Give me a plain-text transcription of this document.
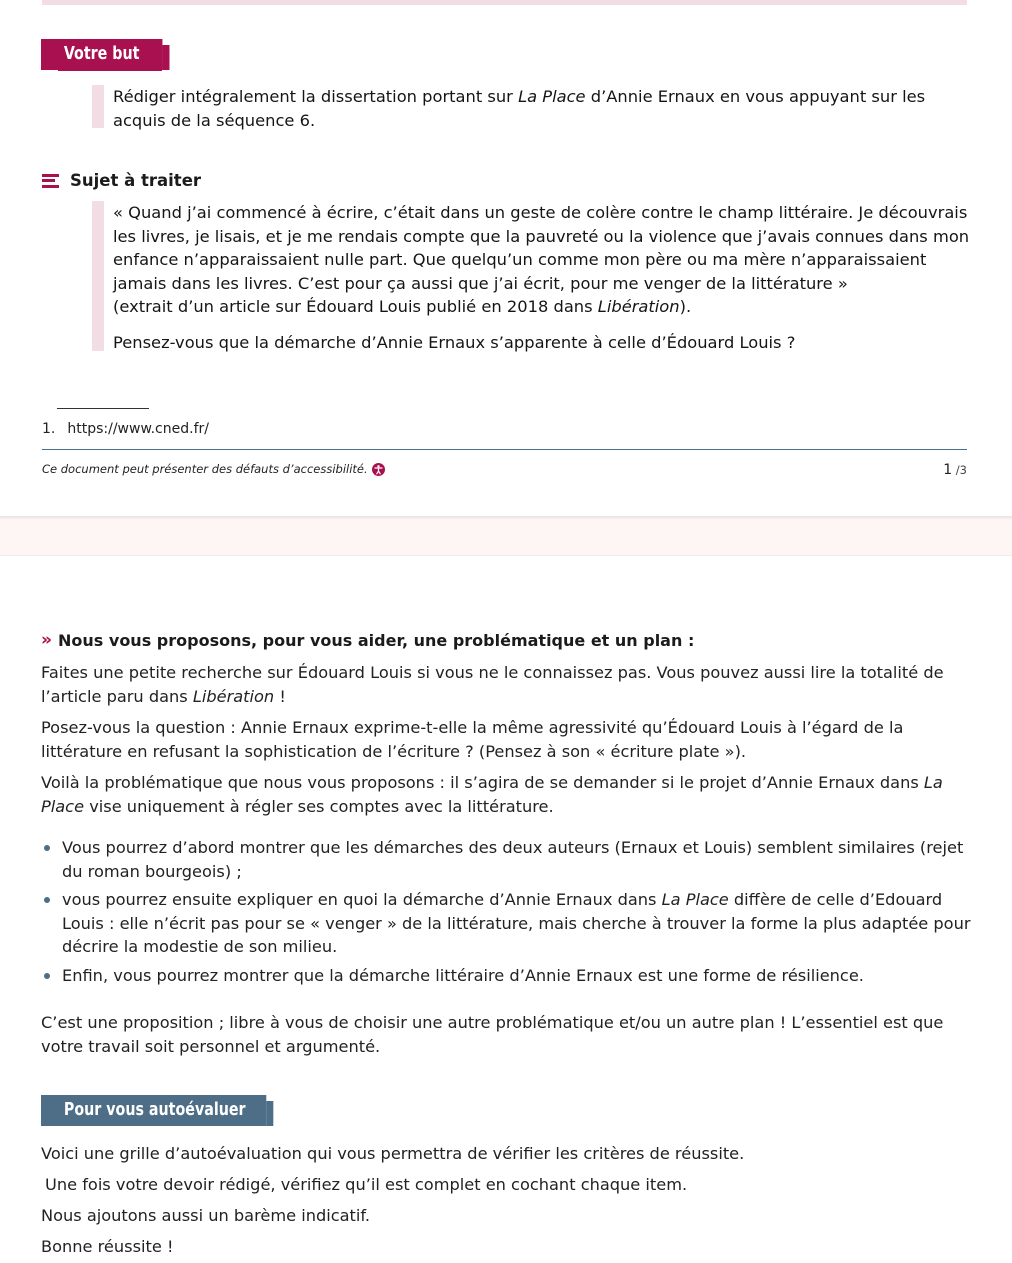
Votre but
Rédiger intégralement la dissertation portant sur La Place d’Annie Ernaux en vous appuyant sur les acquis de la séquence 6.
Sujet à traiter

« Quand j’ai commencé à écrire, c’était dans un geste de colère contre le champ littéraire. Je découvrais les livres, je lisais, et je me rendais compte que la pauvreté ou la violence que j’avais connues dans mon enfance n’apparaissaient nulle part. Que quelqu’un comme mon père ou ma mère n’apparaissaient jamais dans les livres. C’est pour ça aussi que j’ai écrit, pour me venger de la littérature »

(extrait d’un article sur Édouard Louis publié en 2018 dans Libération).

Pensez-vous que la démarche d’Annie Ernaux s’apparente à celle d’Édouard Louis ?

1. https://www.cned.fr/
Ce document peut présenter des défauts d’accessibilité.	1 /3
›› Nous vous proposons, pour vous aider, une problématique et un plan :
Faites une petite recherche sur Édouard Louis si vous ne le connaissez pas. Vous pouvez aussi lire la totalité de l’article paru dans Libération !
Posez-vous la question : Annie Ernaux exprime-t-elle la même agressivité qu’Édouard Louis à l’égard de la littérature en refusant la sophistication de l’écriture ? (Pensez à son « écriture plate »).
Voilà la problématique que nous vous proposons : il s’agira de se demander si le projet d’Annie Ernaux dans La Place vise uniquement à régler ses comptes avec la littérature.
Vous pourrez d’abord montrer que les démarches des deux auteurs (Ernaux et Louis) semblent similaires (rejet du roman bourgeois) ;
vous pourrez ensuite expliquer en quoi la démarche d’Annie Ernaux dans La Place diffère de celle d’Edouard Louis : elle n’écrit pas pour se « venger » de la littérature, mais cherche à trouver la forme la plus adaptée pour décrire la modestie de son milieu.
Enfin, vous pourrez montrer que la démarche littéraire d’Annie Ernaux est une forme de résilience.
C’est une proposition ; libre à vous de choisir une autre problématique et/ou un autre plan ! L’essentiel est que votre travail soit personnel et argumenté.
Pour vous autoévaluer
Voici une grille d’autoévaluation qui vous permettra de vérifier les critères de réussite.
Une fois votre devoir rédigé, vérifiez qu’il est complet en cochant chaque item.
Nous ajoutons aussi un barème indicatif.
Bonne réussite !
